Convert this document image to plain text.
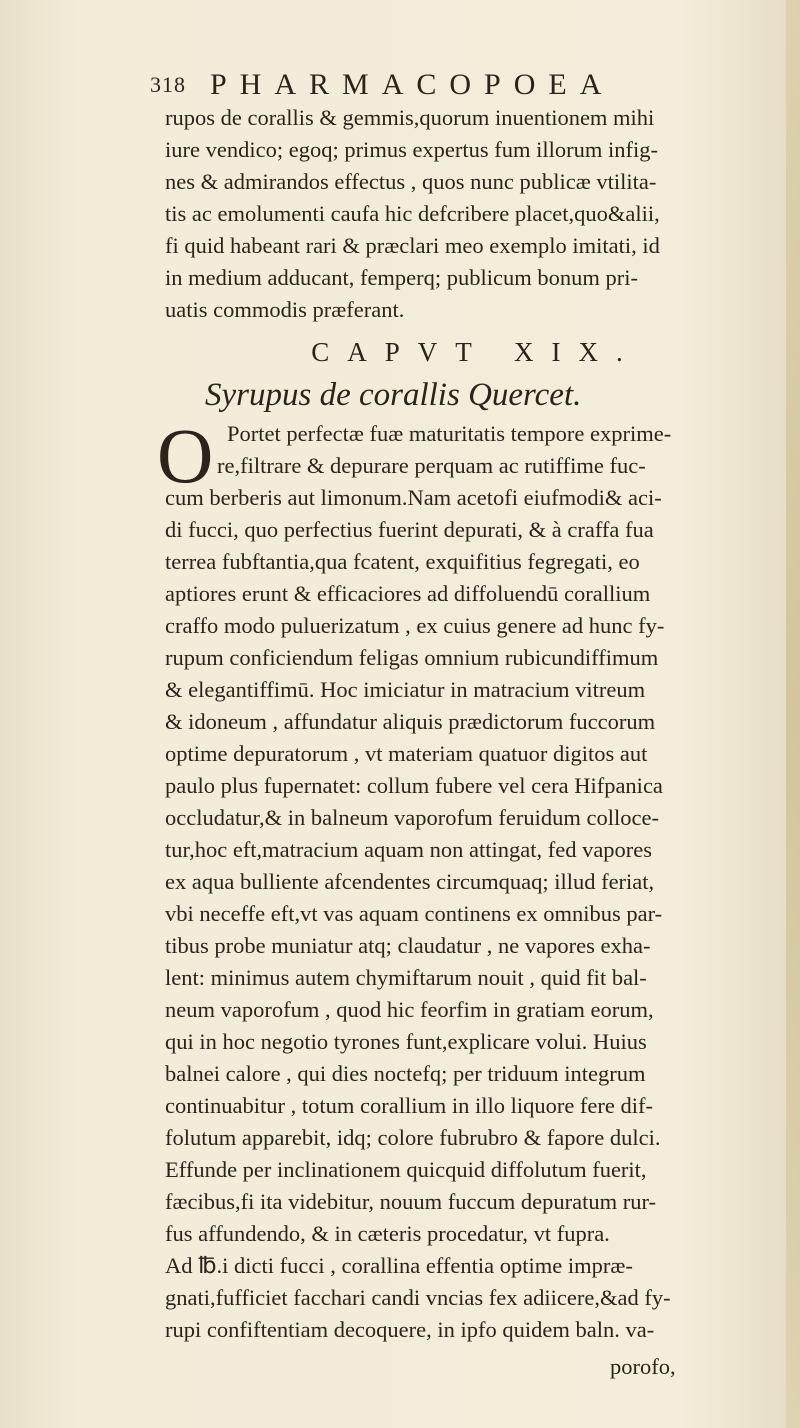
318 PHARMACOPOEA
rupos de corallis & gemmis,quorum inuentionem mihi
iure vendico; egoq; primus expertus fum illorum infig-
nes & admirandos effectus , quos nunc publicæ vtilita-
tis ac emolumenti caufa hic defcribere placet,quo&alii,
fi quid habeant rari & præclari meo exemplo imitati, id
in medium adducant, femperq; publicum bonum pri-
uatis commodis præferant.
CAPVT XIX.
Syrupus de corallis Quercet.
O Portet perfectæ fuæ maturitatis tempore exprime-
re,filtrare & depurare perquam ac rutiffime fuc-
cum berberis aut limonum.Nam acetofi eiufmodi& aci-
di fucci, quo perfectius fuerint depurati, & à craffa fua
terrea fubftantia,qua fcatent, exquifitius fegregati, eo
aptiores erunt & efficaciores ad diffoluendū corallium
craffo modo puluerizatum , ex cuius genere ad hunc fy-
rupum conficiendum feligas omnium rubicundiffimum
& elegantiffimū. Hoc imiciatur in matracium vitreum
& idoneum , affundatur aliquis prædictorum fuccorum
optime depuratorum , vt materiam quatuor digitos aut
paulo plus fupernatet: collum fubere vel cera Hifpanica
occludatur,& in balneum vaporofum feruidum colloce-
tur,hoc eft,matracium aquam non attingat, fed vapores
ex aqua bulliente afcendentes circumquaq; illud feriat,
vbi neceffe eft,vt vas aquam continens ex omnibus par-
tibus probe muniatur atq; claudatur , ne vapores exha-
lent: minimus autem chymiftarum nouit , quid fit bal-
neum vaporofum , quod hic feorfim in gratiam eorum,
qui in hoc negotio tyrones funt,explicare volui. Huius
balnei calore , qui dies noctefq; per triduum integrum
continuabitur , totum corallium in illo liquore fere dif-
folutum apparebit, idq; colore fubrubro & fapore dulci.
Effunde per inclinationem quicquid diffolutum fuerit,
fæcibus,fi ita videbitur, nouum fuccum depuratum rur-
fus affundendo, & in cæteris procedatur, vt fupra.
Ad ℔.i dicti fucci , corallina effentia optime impræ-
gnati,fufficiet facchari candi vncias fex adiicere,&ad fy-
rupi confiftentiam decoquere, in ipfo quidem baln. va-
porofo,
